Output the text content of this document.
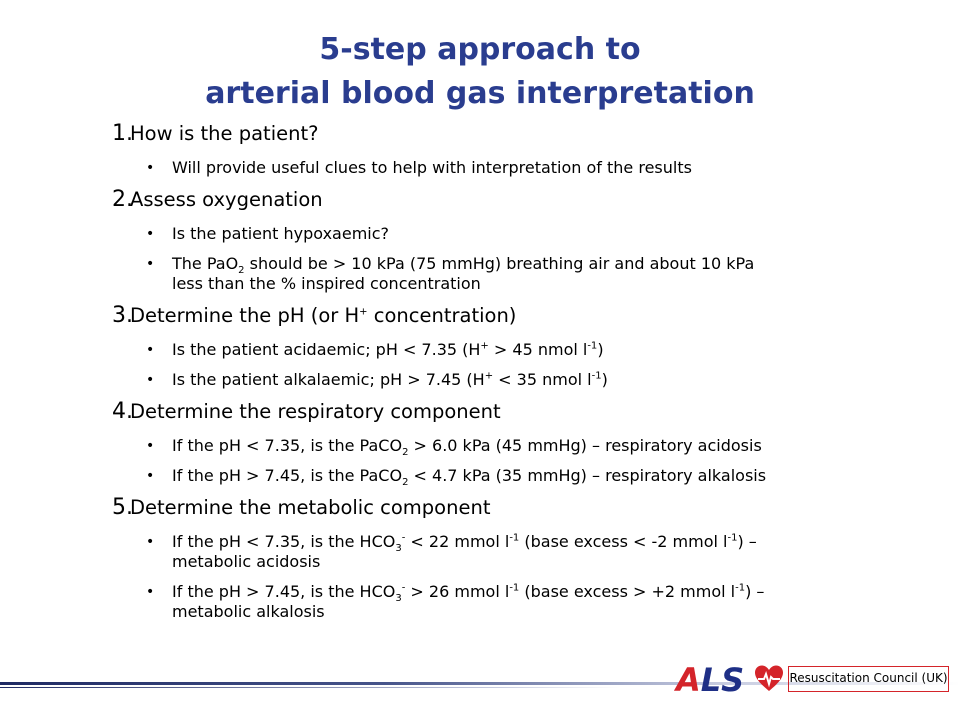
5-step approach to
arterial blood gas interpretation
1.
How is the patient?
• Will provide useful clues to help with interpretation of the results
2.
Assess oxygenation
• Is the patient hypoxaemic?
• The PaO$_2$ should be > 10 kPa (75 mmHg) breathing air and about 10 kPa
less than the % inspired concentration
3.
Determine the pH (or H+ concentration)
• Is the patient acidaemic; pH < 7.35 (H+ > 45 nmol $l^{-1}$)
• Is the patient alkalaemic; pH > 7.45 (H+ < 35 nmol $l^{-1}$)
4.
Determine the respiratory component
• If the pH < 7.35, is the PaCO$_2$ > 6.0 kPa (45 mmHg) – respiratory acidosis
• If the pH > 7.45, is the PaCO$_2$ < 4.7 kPa (35 mmHg) – respiratory alkalosis
5.
Determine the metabolic component
• If the pH < 7.35, is the $HCO_3^- < 22$ mmol $l^{-1}$ (base excess < -2 mmol $l^{-1}$) –
metabolic acidosis
• If the pH > 7.45, is the $HCO_3^- > 26$ mmol $l^{-1}$ (base excess > +2 mmol $l^{-1}$) –
metabolic alkalosis
ALS	Resuscitation Council (UK)
